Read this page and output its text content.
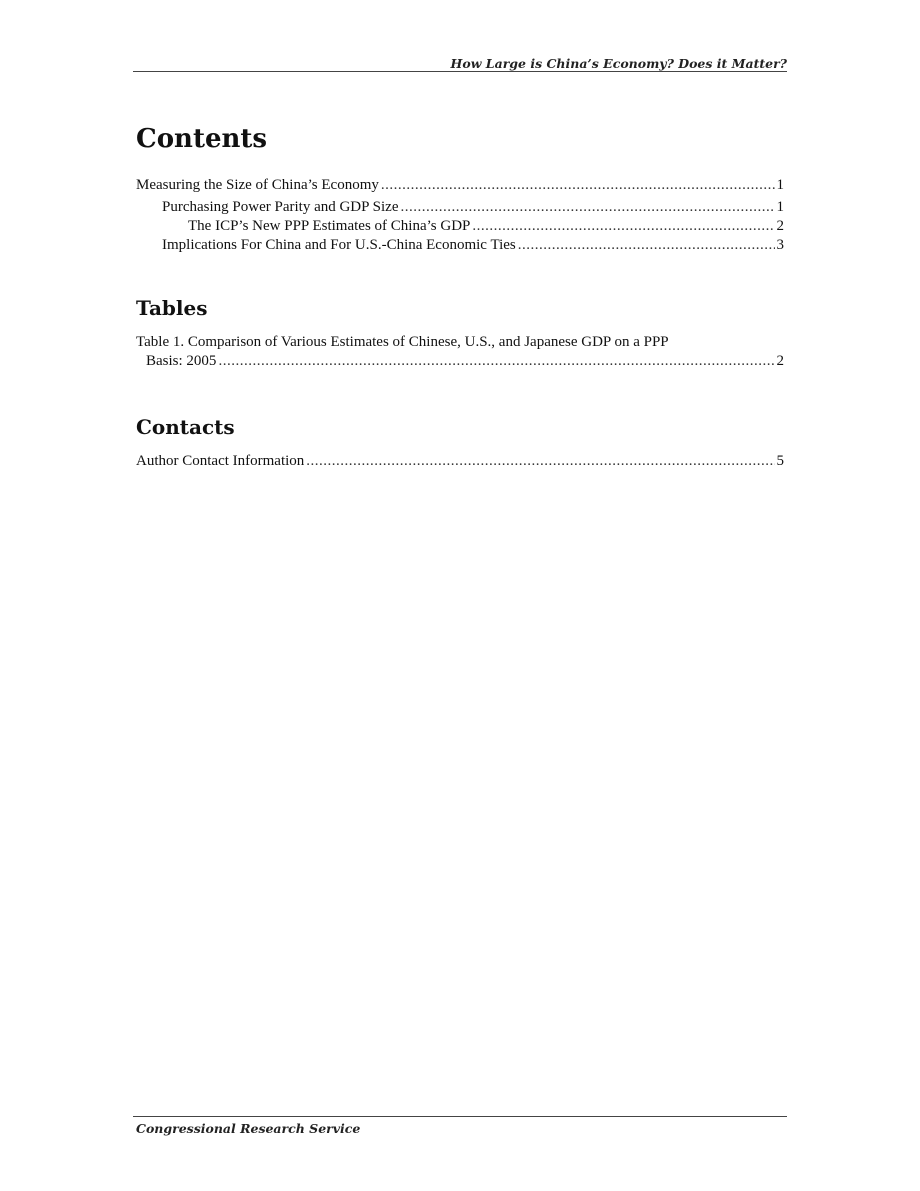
How Large is China’s Economy? Does it Matter?
Contents
Measuring the Size of China’s Economy .....	1
Purchasing Power Parity and GDP Size .....	1
The ICP’s New PPP Estimates of China’s GDP .....	2
Implications For China and For U.S.-China Economic Ties .....	3
Tables
Table 1. Comparison of Various Estimates of Chinese, U.S., and Japanese GDP on a PPP
Basis: 2005 .....	2
Contacts
Author Contact Information .....	5
Congressional Research Service
